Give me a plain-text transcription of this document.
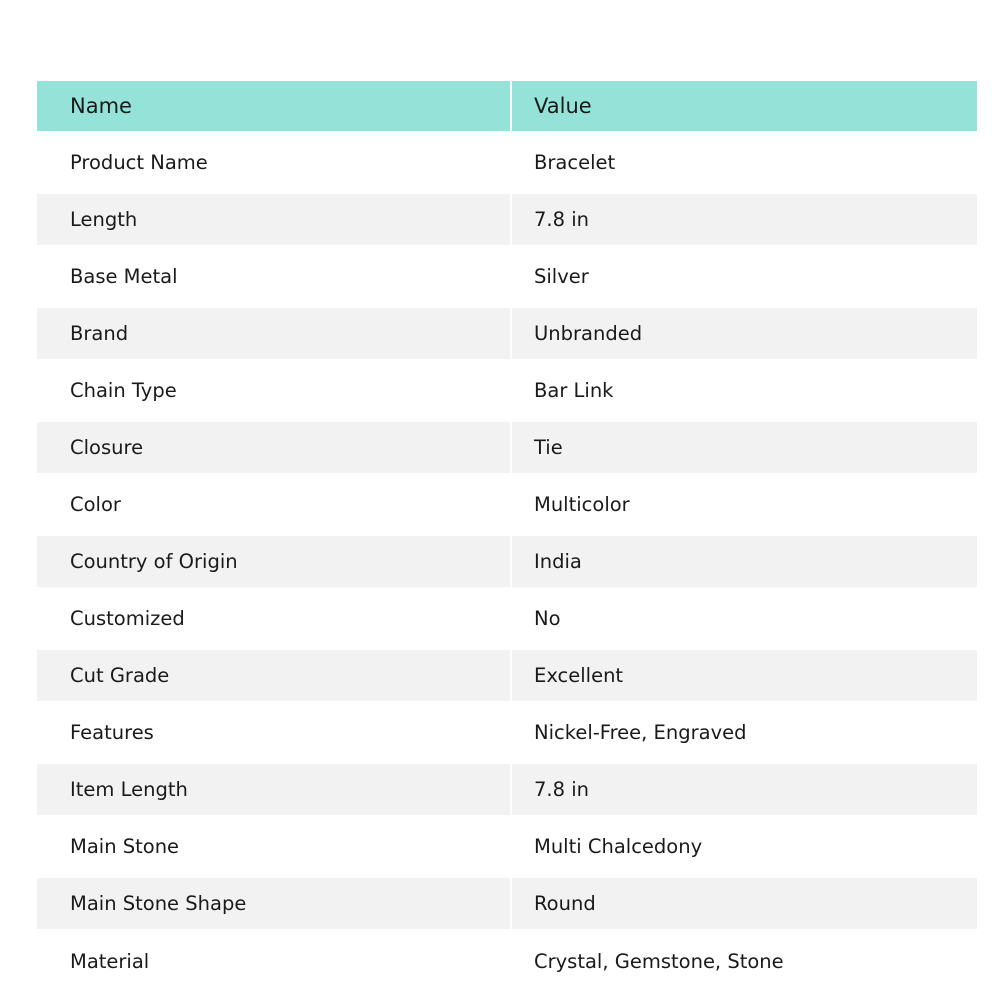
Name	Value
Product Name	Bracelet
Length	7.8 in
Base Metal	Silver
Brand	Unbranded
Chain Type	Bar Link
Closure	Tie
Color	Multicolor
Country of Origin	India
Customized	No
Cut Grade	Excellent
Features	Nickel-Free, Engraved
Item Length	7.8 in
Main Stone	Multi Chalcedony
Main Stone Shape	Round
Material	Crystal, Gemstone, Stone
